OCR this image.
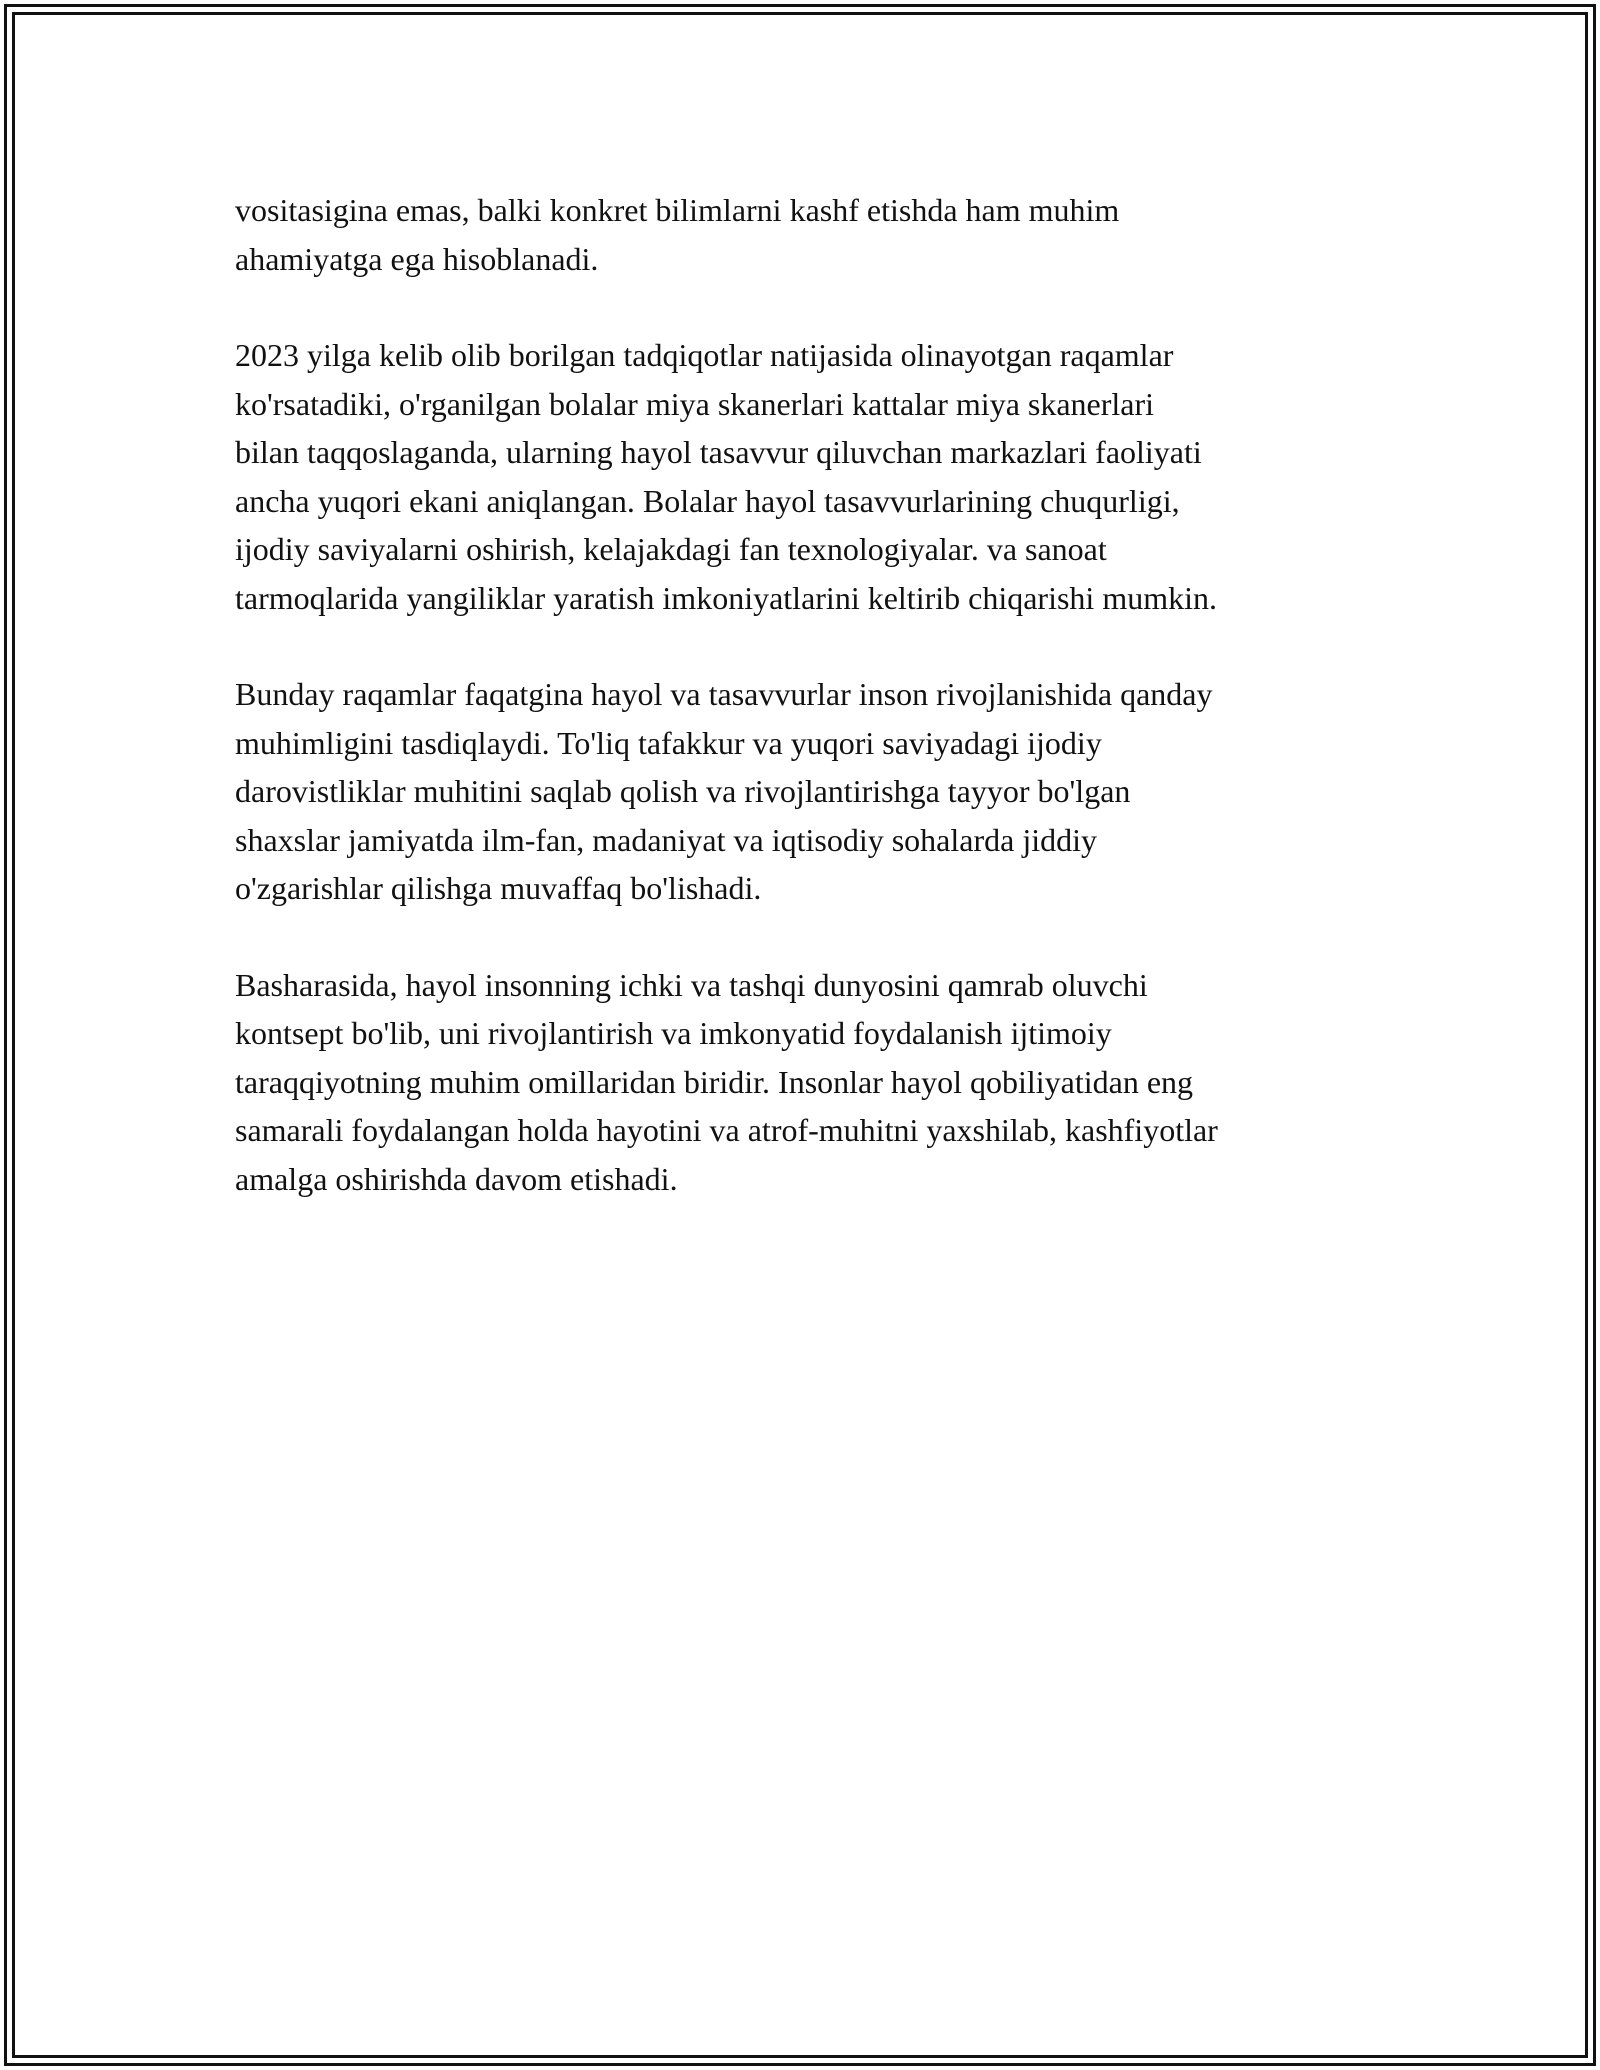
vositasigina emas, balki konkret bilimlarni kashf etishda ham muhim
ahamiyatga ega hisoblanadi.

2023 yilga kelib olib borilgan tadqiqotlar natijasida olinayotgan raqamlar
ko'rsatadiki, o'rganilgan bolalar miya skanerlari kattalar miya skanerlari
bilan taqqoslaganda, ularning hayol tasavvur qiluvchan markazlari faoliyati
ancha yuqori ekani aniqlangan. Bolalar hayol tasavvurlarining chuqurligi,
ijodiy saviyalarni oshirish, kelajakdagi fan texnologiyalar. va sanoat
tarmoqlarida yangiliklar yaratish imkoniyatlarini keltirib chiqarishi mumkin.

Bunday raqamlar faqatgina hayol va tasavvurlar inson rivojlanishida qanday
muhimligini tasdiqlaydi. To'liq tafakkur va yuqori saviyadagi ijodiy
darovistliklar muhitini saqlab qolish va rivojlantirishga tayyor bo'lgan
shaxslar jamiyatda ilm-fan, madaniyat va iqtisodiy sohalarda jiddiy
o'zgarishlar qilishga muvaffaq bo'lishadi.

Basharasida, hayol insonning ichki va tashqi dunyosini qamrab oluvchi
kontsept bo'lib, uni rivojlantirish va imkonyatid foydalanish ijtimoiy
taraqqiyotning muhim omillaridan biridir. Insonlar hayol qobiliyatidan eng
samarali foydalangan holda hayotini va atrof-muhitni yaxshilab, kashfiyotlar
amalga oshirishda davom etishadi.
